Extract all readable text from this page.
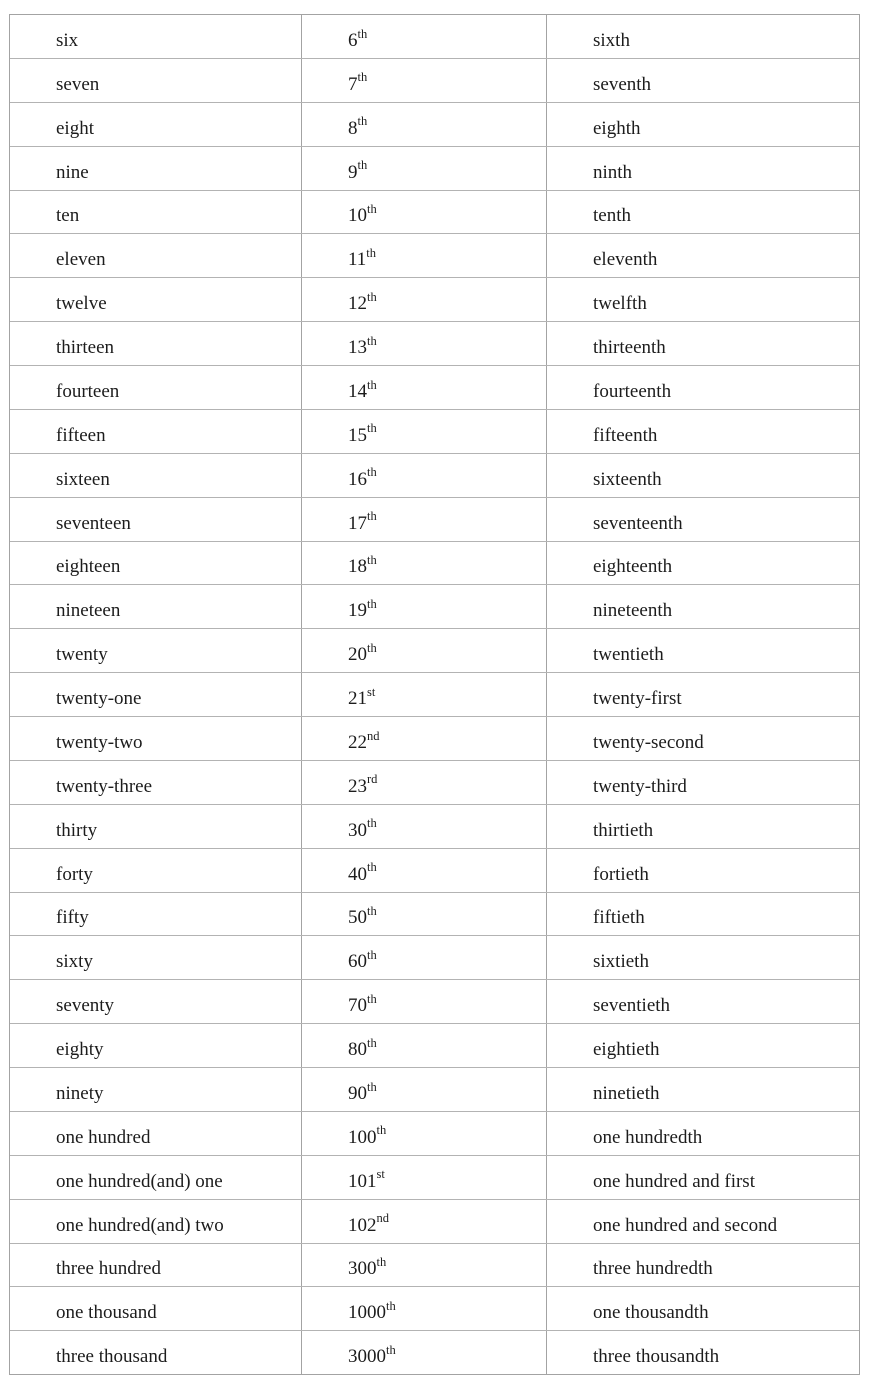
six	6th	sixth
seven	7th	seventh
eight	8th	eighth
nine	9th	ninth
ten	10th	tenth
eleven	11th	eleventh
twelve	12th	twelfth
thirteen	13th	thirteenth
fourteen	14th	fourteenth
fifteen	15th	fifteenth
sixteen	16th	sixteenth
seventeen	17th	seventeenth
eighteen	18th	eighteenth
nineteen	19th	nineteenth
twenty	20th	twentieth
twenty-one	21st	twenty-first
twenty-two	22nd	twenty-second
twenty-three	23rd	twenty-third
thirty	30th	thirtieth
forty	40th	fortieth
fifty	50th	fiftieth
sixty	60th	sixtieth
seventy	70th	seventieth
eighty	80th	eightieth
ninety	90th	ninetieth
one hundred	100th	one hundredth
one hundred(and) one	101st	one hundred and first
one hundred(and) two	102nd	one hundred and second
three hundred	300th	three hundredth
one thousand	1000th	one thousandth
three thousand	3000th	three thousandth
